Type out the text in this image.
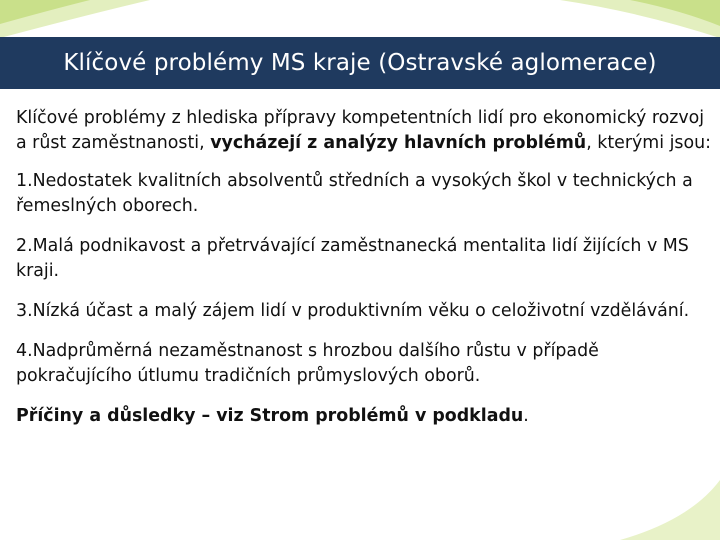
Klíčové problémy MS kraje (Ostravské aglomerace)

Klíčové problémy z hlediska přípravy kompetentních lidí pro ekonomický rozvoj a růst zaměstnanosti, vycházejí z analýzy hlavních problémů, kterými jsou:

1.Nedostatek kvalitních absolventů středních a vysokých škol v technických a řemeslných oborech.

2.Malá podnikavost a přetrvávající zaměstnanecká mentalita lidí žijících v MS kraji.

3.Nízká účast a malý zájem lidí v produktivním věku o celoživotní vzdělávání.

4.Nadprůměrná nezaměstnanost s hrozbou dalšího růstu v případě pokračujícího útlumu tradičních průmyslových oborů.

Příčiny a důsledky – viz Strom problémů v podkladu.
